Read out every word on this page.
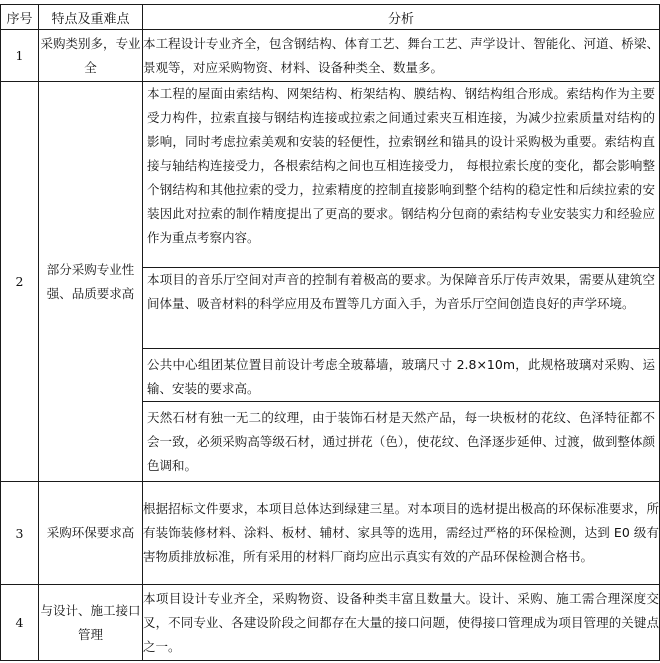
序号	特点及重难点	分析
1	采购类别多，专业全	本工程设计专业齐全，包含钢结构、体育工艺、舞台工艺、声学设计、智能化、河道、桥梁、景观等，对应采购物资、材料、设备种类全、数量多。
2	部分采购专业性强、品质要求高	本工程的屋面由索结构、网架结构、桁架结构、膜结构、钢结构组合形成。索结构作为主要受力构件，拉索直接与钢结构连接或拉索之间通过索夹互相连接，为减少拉索质量对结构的影响，同时考虑拉索美观和安装的轻便性，拉索钢丝和锚具的设计采购极为重要。索结构直接与轴结构连接受力，各根索结构之间也互相连接受力， 每根拉索长度的变化，都会影响整个钢结构和其他拉索的受力，拉索精度的控制直接影响到整个结构的稳定性和后续拉索的安装因此对拉索的制作精度提出了更高的要求。钢结构分包商的索结构专业安装实力和经验应作为重点考察内容。
本项目的音乐厅空间对声音的控制有着极高的要求。为保障音乐厅传声效果，需要从建筑空间体量、吸音材料的科学应用及布置等几方面入手，为音乐厅空间创造良好的声学环境。
公共中心组团某位置目前设计考虑全玻幕墙，玻璃尺寸 2.8×10m，此规格玻璃对采购、运输、安装的要求高。
天然石材有独一无二的纹理，由于装饰石材是天然产品，每一块板材的花纹、色泽特征都不会一致，必须采购高等级石材，通过拼花（色），使花纹、色泽逐步延伸、过渡，做到整体颜色调和。

3	采购环保要求高	根据招标文件要求，本项目总体达到绿建三星。对本项目的选材提出极高的环保标准要求，所有装饰装修材料、涂料、板材、辅材、家具等的选用，需经过严格的环保检测，达到 E0 级有害物质排放标准，所有采用的材料厂商均应出示真实有效的产品环保检测合格书。
4	与设计、施工接口管理	本项目设计专业齐全，采购物资、设备种类丰富且数量大。设计、采购、施工需合理深度交叉，不同专业、各建设阶段之间都存在大量的接口问题，使得接口管理成为项目管理的关键点之一。
